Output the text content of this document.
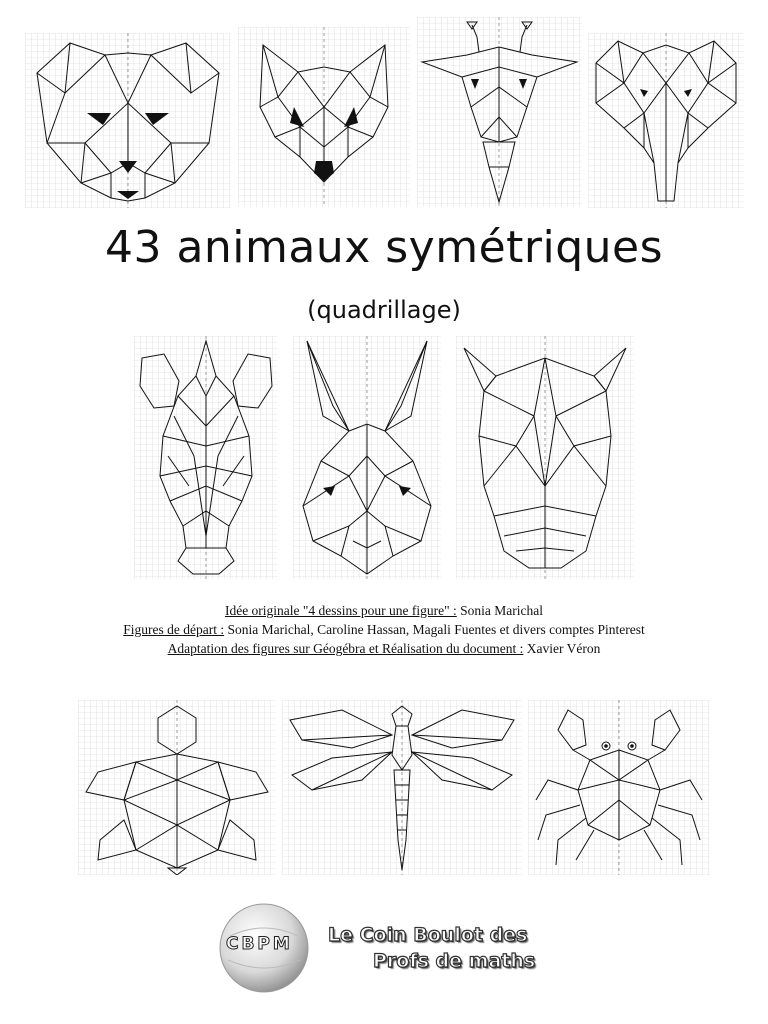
43 animaux symétriques
(quadrillage)
Idée originale "4 dessins pour une figure" : Sonia Marichal
Figures de départ : Sonia Marichal, Caroline Hassan, Magali Fuentes et divers comptes Pinterest
Adaptation des figures sur Géogébra et Réalisation du document : Xavier Véron
CBPM Le Coin Boulot des
Profs de maths
